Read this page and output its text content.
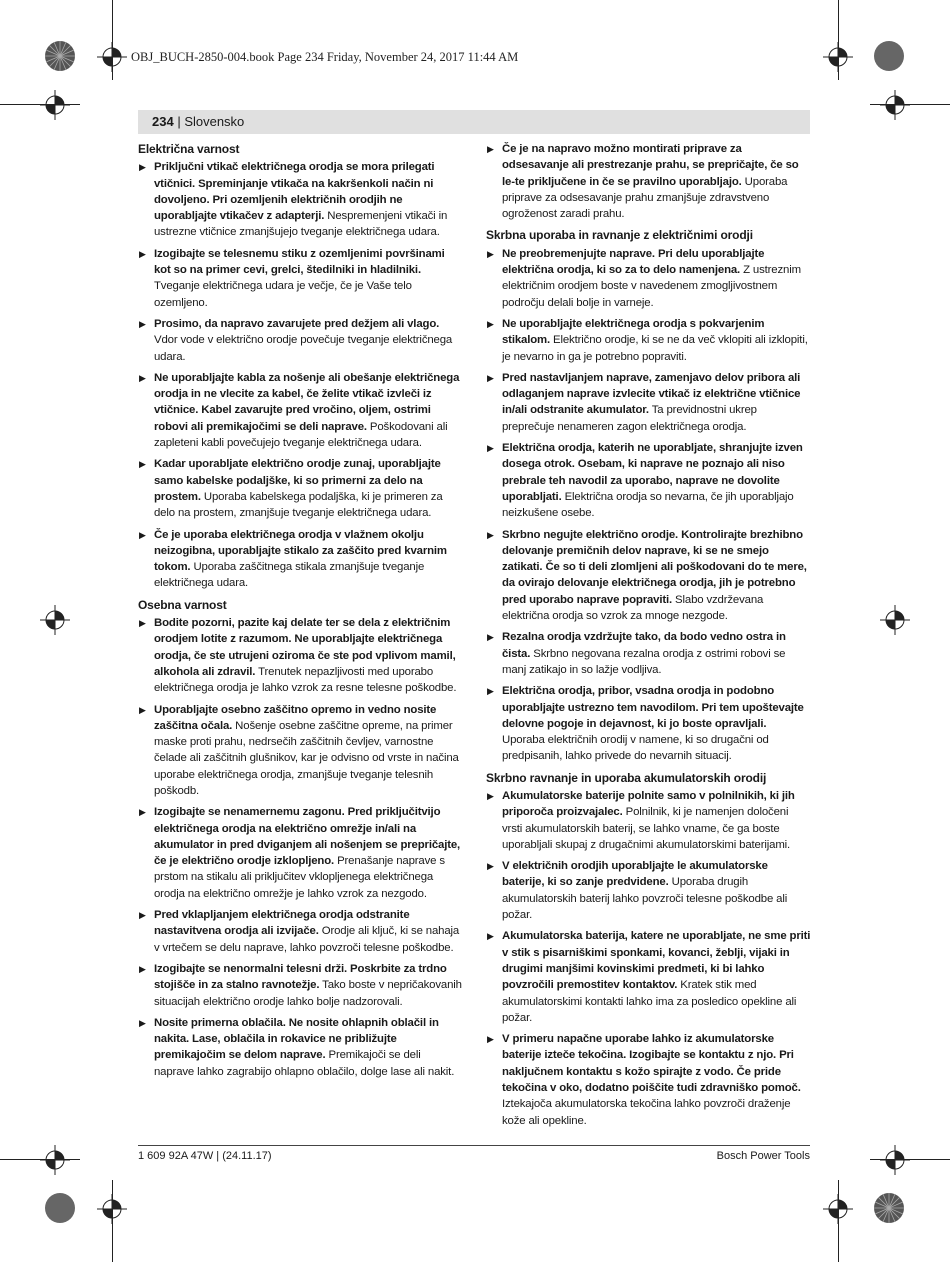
OBJ_BUCH-2850-004.book Page 234 Friday, November 24, 2017 11:44 AM
234 | Slovensko
Električna varnost
▶ Priključni vtikač električnega orodja se mora prilegati vtičnici. Spreminjanje vtikača na kakršenkoli način ni dovoljeno. Pri ozemljenih električnih orodjih ne uporabljajte vtikačev z adapterji. Nespremenjeni vtikači in ustrezne vtičnice zmanjšujejo tveganje električnega udara.
▶ Izogibajte se telesnemu stiku z ozemljenimi površinami kot so na primer cevi, grelci, štedilniki in hladilniki. Tveganje električnega udara je večje, če je Vaše telo ozemljeno.
▶ Prosimo, da napravo zavarujete pred dežjem ali vlago. Vdor vode v električno orodje povečuje tveganje električnega udara.
▶ Ne uporabljajte kabla za nošenje ali obešanje električnega orodja in ne vlecite za kabel, če želite vtikač izvleči iz vtičnice. Kabel zavarujte pred vročino, oljem, ostrimi robovi ali premikajočimi se deli naprave. Poškodovani ali zapleteni kabli povečujejo tveganje električnega udara.
▶ Kadar uporabljate električno orodje zunaj, uporabljajte samo kabelske podaljške, ki so primerni za delo na prostem. Uporaba kabelskega podaljška, ki je primeren za delo na prostem, zmanjšuje tveganje električnega udara.
▶ Če je uporaba električnega orodja v vlažnem okolju neizogibna, uporabljajte stikalo za zaščito pred kvarnim tokom. Uporaba zaščitnega stikala zmanjšuje tveganje električnega udara.
Osebna varnost
▶ Bodite pozorni, pazite kaj delate ter se dela z električnim orodjem lotite z razumom. Ne uporabljajte električnega orodja, če ste utrujeni oziroma če ste pod vplivom mamil, alkohola ali zdravil. Trenutek nepazljivosti med uporabo električnega orodja je lahko vzrok za resne telesne poškodbe.
▶ Uporabljajte osebno zaščitno opremo in vedno nosite zaščitna očala. Nošenje osebne zaščitne opreme, na primer maske proti prahu, nedrsečih zaščitnih čevljev, varnostne čelade ali zaščitnih glušnikov, kar je odvisno od vrste in načina uporabe električnega orodja, zmanjšuje tveganje telesnih poškodb.
▶ Izogibajte se nenamernemu zagonu. Pred priključitvijo električnega orodja na električno omrežje in/ali na akumulator in pred dviganjem ali nošenjem se prepričajte, če je električno orodje izklopljeno. Prenašanje naprave s prstom na stikalu ali priključitev vklopljenega električnega orodja na električno omrežje je lahko vzrok za nezgodo.
▶ Pred vklapljanjem električnega orodja odstranite nastavitvena orodja ali izvijače. Orodje ali ključ, ki se nahaja v vrtečem se delu naprave, lahko povzroči telesne poškodbe.
▶ Izogibajte se nenormalni telesni drži. Poskrbite za trdno stojišče in za stalno ravnotežje. Tako boste v nepričakovanih situacijah električno orodje lahko bolje nadzorovali.
▶ Nosite primerna oblačila. Ne nosite ohlapnih oblačil in nakita. Lase, oblačila in rokavice ne približujte premikajočim se delom naprave. Premikajoči se deli naprave lahko zagrabijo ohlapno oblačilo, dolge lase ali nakit.
▶ Če je na napravo možno montirati priprave za odsesavanje ali prestrezanje prahu, se prepričajte, če so le-te priključene in če se pravilno uporabljajo. Uporaba priprave za odsesavanje prahu zmanjšuje zdravstveno ogroženost zaradi prahu.
Skrbna uporaba in ravnanje z električnimi orodji
▶ Ne preobremenjujte naprave. Pri delu uporabljajte električna orodja, ki so za to delo namenjena. Z ustreznim električnim orodjem boste v navedenem zmogljivostnem področju delali bolje in varneje.
▶ Ne uporabljajte električnega orodja s pokvarjenim stikalom. Električno orodje, ki se ne da več vklopiti ali izklopiti, je nevarno in ga je potrebno popraviti.
▶ Pred nastavljanjem naprave, zamenjavo delov pribora ali odlaganjem naprave izvlecite vtikač iz električne vtičnice in/ali odstranite akumulator. Ta previdnostni ukrep preprečuje nenameren zagon električnega orodja.
▶ Električna orodja, katerih ne uporabljate, shranjujte izven dosega otrok. Osebam, ki naprave ne poznajo ali niso prebrale teh navodil za uporabo, naprave ne dovolite uporabljati. Električna orodja so nevarna, če jih uporabljajo neizkušene osebe.
▶ Skrbno negujte električno orodje. Kontrolirajte brezhibno delovanje premičnih delov naprave, ki se ne smejo zatikati. Če so ti deli zlomljeni ali poškodovani do te mere, da ovirajo delovanje električnega orodja, jih je potrebno pred uporabo naprave popraviti. Slabo vzdrževana električna orodja so vzrok za mnoge nezgode.
▶ Rezalna orodja vzdržujte tako, da bodo vedno ostra in čista. Skrbno negovana rezalna orodja z ostrimi robovi se manj zatikajo in so lažje vodljiva.
▶ Električna orodja, pribor, vsadna orodja in podobno uporabljajte ustrezno tem navodilom. Pri tem upoštevajte delovne pogoje in dejavnost, ki jo boste opravljali. Uporaba električnih orodij v namene, ki so drugačni od predpisanih, lahko privede do nevarnih situacij.
Skrbno ravnanje in uporaba akumulatorskih orodij
▶ Akumulatorske baterije polnite samo v polnilnikih, ki jih priporoča proizvajalec. Polnilnik, ki je namenjen določeni vrsti akumulatorskih baterij, se lahko vname, če ga boste uporabljali skupaj z drugačnimi akumulatorskimi baterijami.
▶ V električnih orodjih uporabljajte le akumulatorske baterije, ki so zanje predvidene. Uporaba drugih akumulatorskih baterij lahko povzroči telesne poškodbe ali požar.
▶ Akumulatorska baterija, katere ne uporabljate, ne sme priti v stik s pisarniškimi sponkami, kovanci, žeblji, vijaki in drugimi manjšimi kovinskimi predmeti, ki bi lahko povzročili premostitev kontaktov. Kratek stik med akumulatorskimi kontakti lahko ima za posledico opekline ali požar.
▶ V primeru napačne uporabe lahko iz akumulatorske baterije izteče tekočina. Izogibajte se kontaktu z njo. Pri naključnem kontaktu s kožo spirajte z vodo. Če pride tekočina v oko, dodatno poiščite tudi zdravniško pomoč. Iztekajoča akumulatorska tekočina lahko povzroči draženje kože ali opekline.
1 609 92A 47W | (24.11.17)	Bosch Power Tools
